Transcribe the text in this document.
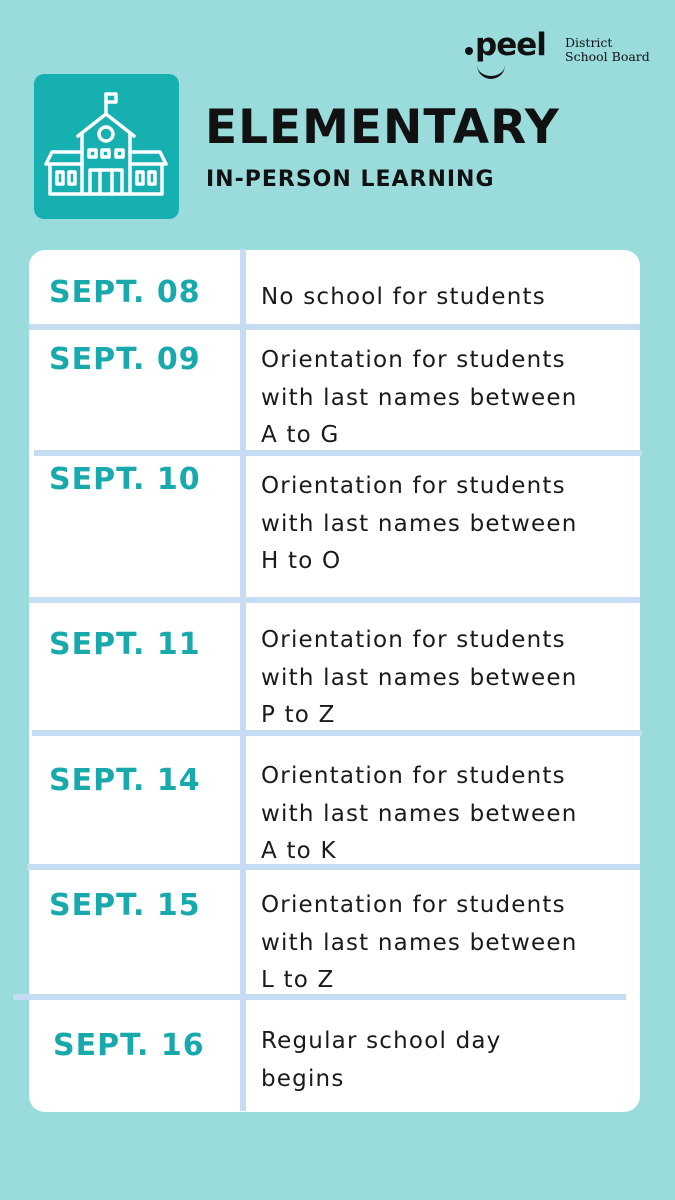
peel District
School Board
ELEMENTARY
IN-PERSON LEARNING
SEPT. 08	No school for students
SEPT. 09	Orientation for students
with last names between
A to G
SEPT. 10	Orientation for students
with last names between
H to O
SEPT. 11	Orientation for students
with last names between
P to Z
SEPT. 14	Orientation for students
with last names between
A to K
SEPT. 15	Orientation for students
with last names between
L to Z
SEPT. 16	Regular school day
begins
